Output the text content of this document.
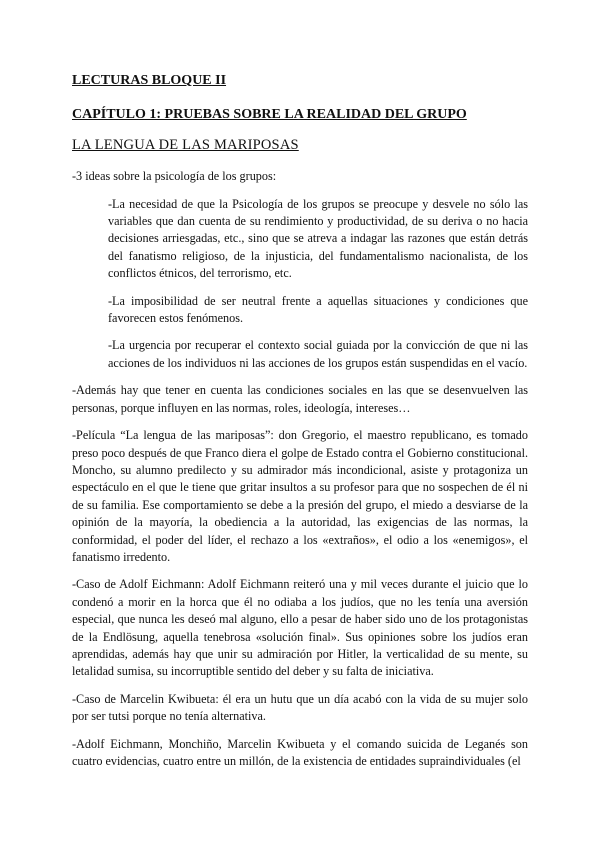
LECTURAS BLOQUE II
CAPÍTULO 1: PRUEBAS SOBRE LA REALIDAD DEL GRUPO
LA LENGUA DE LAS MARIPOSAS

-3 ideas sobre la psicología de los grupos:

-La necesidad de que la Psicología de los grupos se preocupe y desvele no sólo las variables que dan cuenta de su rendimiento y productividad, de su deriva o no hacia decisiones arriesgadas, etc., sino que se atreva a indagar las razones que están detrás del fanatismo religioso, de la injusticia, del fundamentalismo nacionalista, de los conflictos étnicos, del terrorismo, etc.

-La imposibilidad de ser neutral frente a aquellas situaciones y condiciones que favorecen estos fenómenos.

-La urgencia por recuperar el contexto social guiada por la convicción de que ni las acciones de los individuos ni las acciones de los grupos están suspendidas en el vacío.

-Además hay que tener en cuenta las condiciones sociales en las que se desenvuelven las personas, porque influyen en las normas, roles, ideología, intereses…

-Película “La lengua de las mariposas”: don Gregorio, el maestro republicano, es tomado preso poco después de que Franco diera el golpe de Estado contra el Gobierno constitucional. Moncho, su alumno predilecto y su admirador más incondicional, asiste y protagoniza un espectáculo en el que le tiene que gritar insultos a su profesor para que no sospechen de él ni de su familia. Ese comportamiento se debe a la presión del grupo, el miedo a desviarse de la opinión de la mayoría, la obediencia a la autoridad, las exigencias de las normas, la conformidad, el poder del líder, el rechazo a los «extraños», el odio a los «enemigos», el fanatismo irredento.

-Caso de Adolf Eichmann: Adolf Eichmann reiteró una y mil veces durante el juicio que lo condenó a morir en la horca que él no odiaba a los judíos, que no les tenía una aversión especial, que nunca les deseó mal alguno, ello a pesar de haber sido uno de los protagonistas de la Endlösung, aquella tenebrosa «solución final». Sus opiniones sobre los judíos eran aprendidas, además hay que unir su admiración por Hitler, la verticalidad de su mente, su letalidad sumisa, su incorruptible sentido del deber y su falta de iniciativa.

-Caso de Marcelin Kwibueta: él era un hutu que un día acabó con la vida de su mujer solo por ser tutsi porque no tenía alternativa.

-Adolf Eichmann, Monchiño, Marcelin Kwibueta y el comando suicida de Leganés son cuatro evidencias, cuatro entre un millón, de la existencia de entidades supraindividuales (el
